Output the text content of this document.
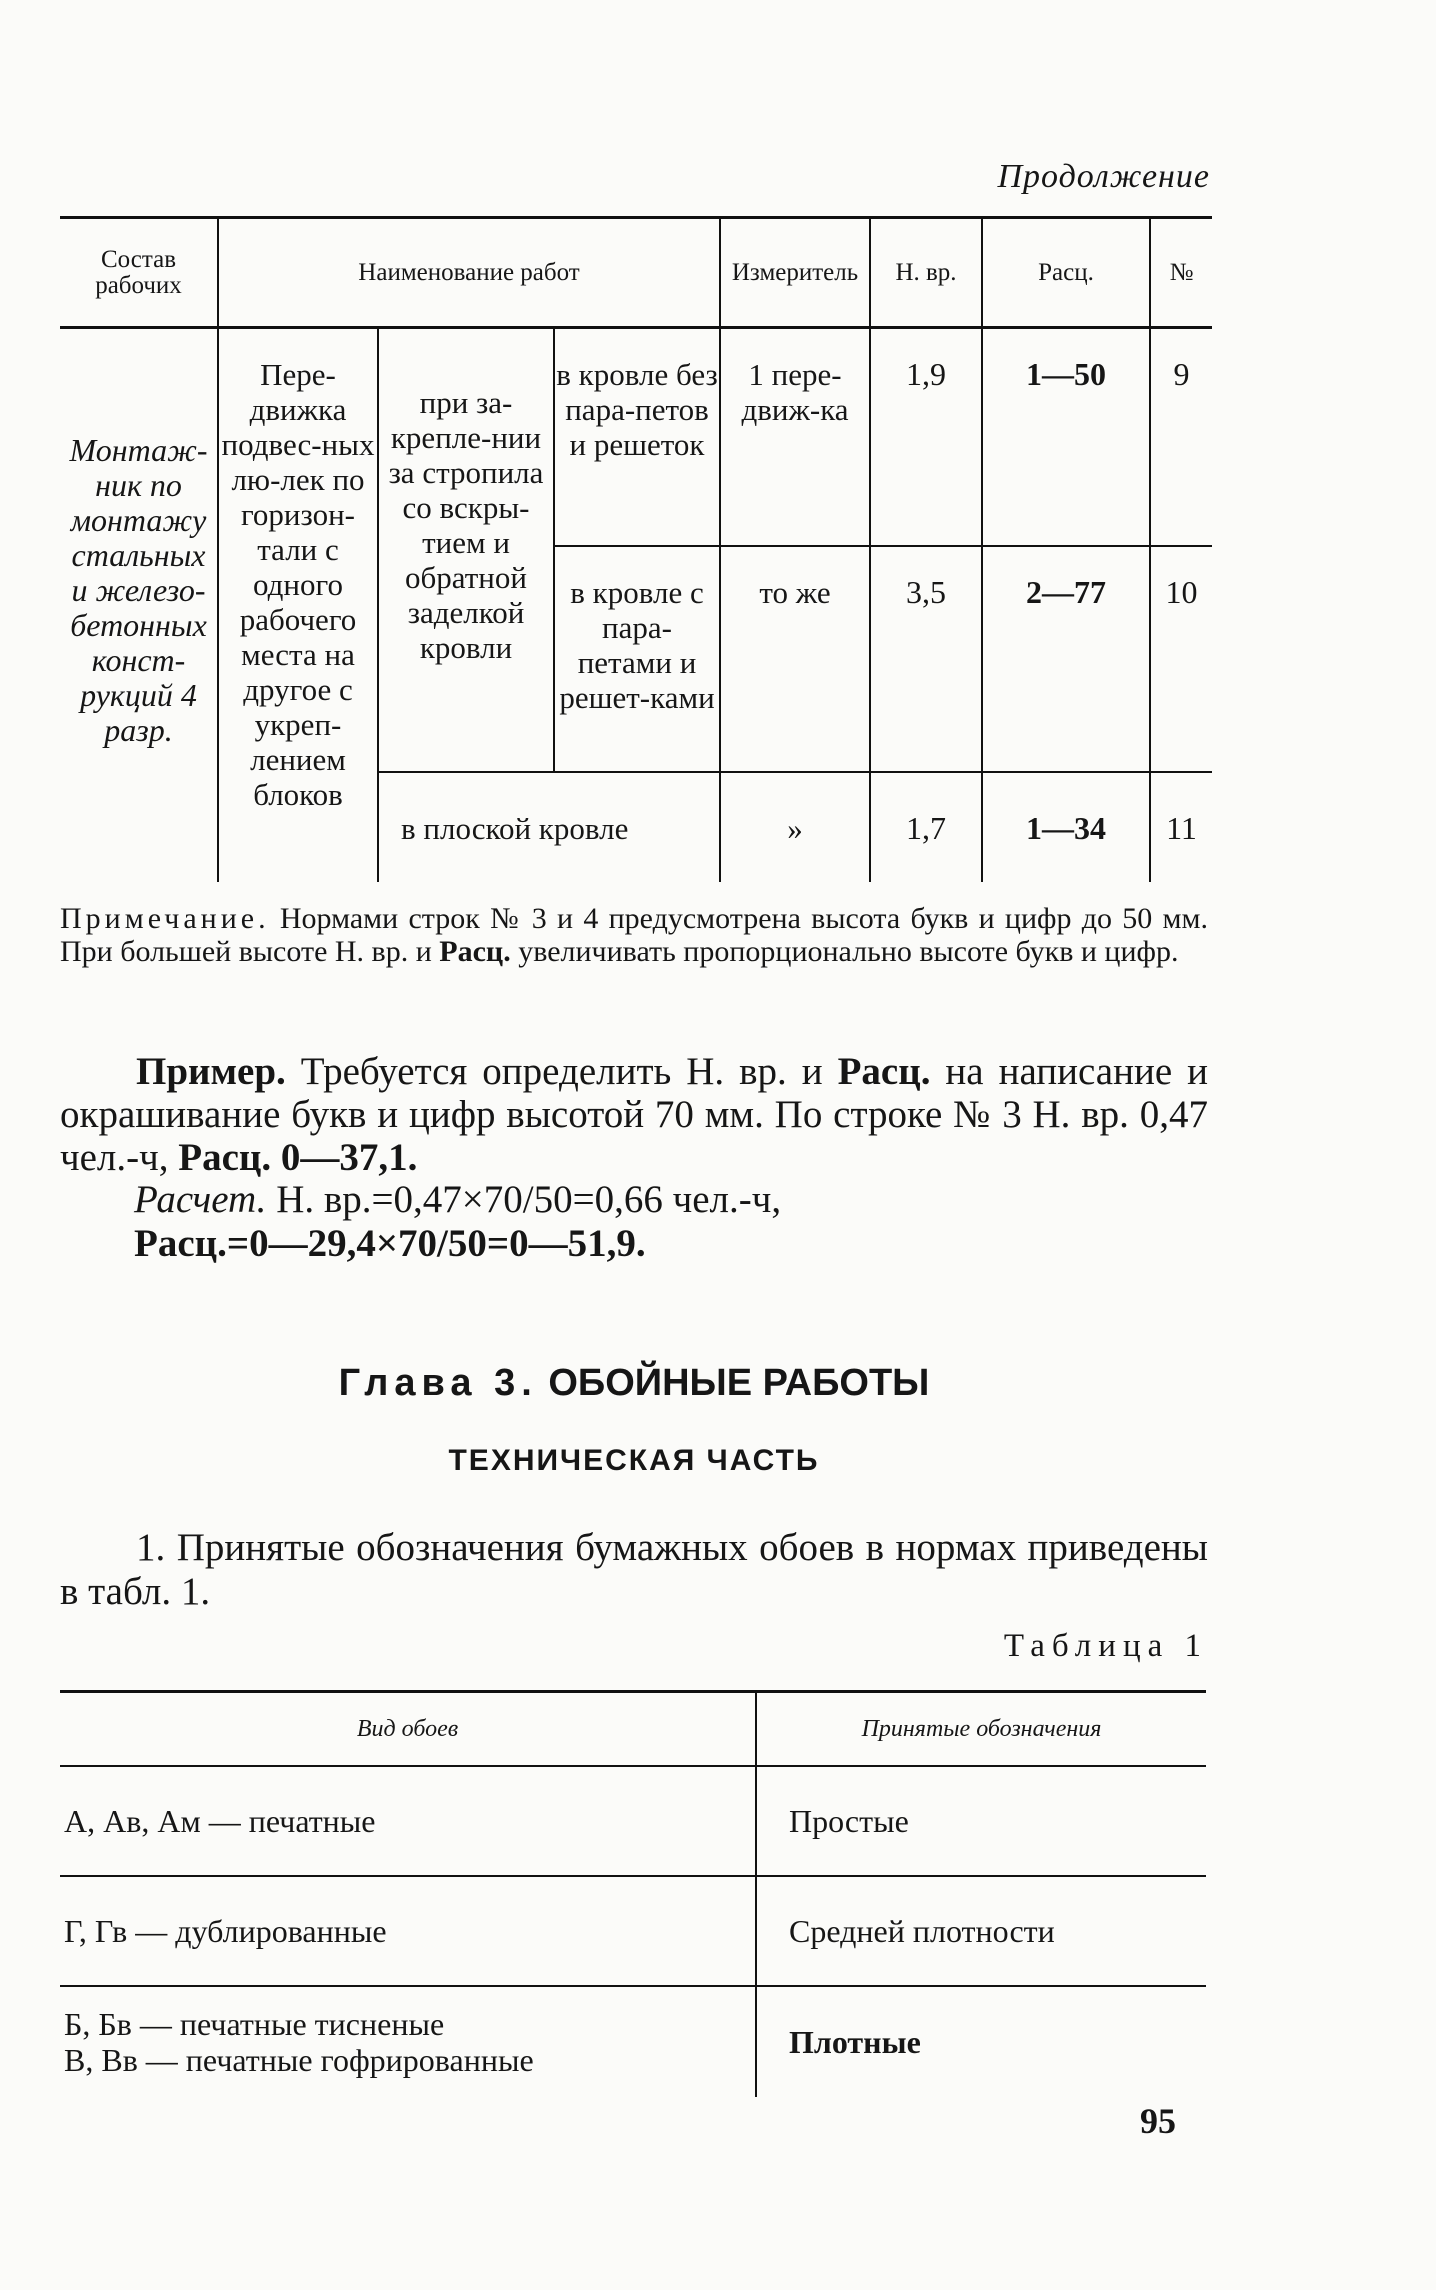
Продолжение
Состав рабочих	Наименование работ			Измеритель	Н. вр.	Расц.	№
Монтаж-ник по монтажу стальных и железо-бетонных конст-рукций 4 разр.	Пере-движка подвес-ных лю-лек по горизон-тали с одного рабочего места на другое с укреп-лением блоков	при за-крепле-нии за стропила со вскры-тием и обратной заделкой кровли	в кровле без пара-петов и решеток	1 пере-движ-ка	1,9	1—50	9
			в кровле с пара-петами и решет-ками	то же	3,5	2—77	10
		в плоской кровле		»	1,7	1—34	11
Примечание. Нормами строк № 3 и 4 предусмотрена высота букв и цифр до 50 мм. При большей высоте Н. вр. и Расц. увеличивать пропорционально высоте букв и цифр.
Пример. Требуется определить Н. вр. и Расц. на написание и окрашивание букв и цифр высотой 70 мм. По строке № 3 Н. вр. 0,47 чел.-ч, Расц. 0—37,1.
Расчет. Н. вр.=0,47×70/50=0,66 чел.-ч,
Расц.=0—29,4×70/50=0—51,9.
Глава 3. ОБОЙНЫЕ РАБОТЫ
ТЕХНИЧЕСКАЯ ЧАСТЬ
1. Принятые обозначения бумажных обоев в нормах приведены в табл. 1.
Таблица 1
Вид обоев	Принятые обозначения
А, Ав, Ам — печатные	Простые
Г, Гв — дублированные	Средней плотности

Б, Бв — печатные тисненые
В, Вв — печатные гофрированные	Плотные
95
